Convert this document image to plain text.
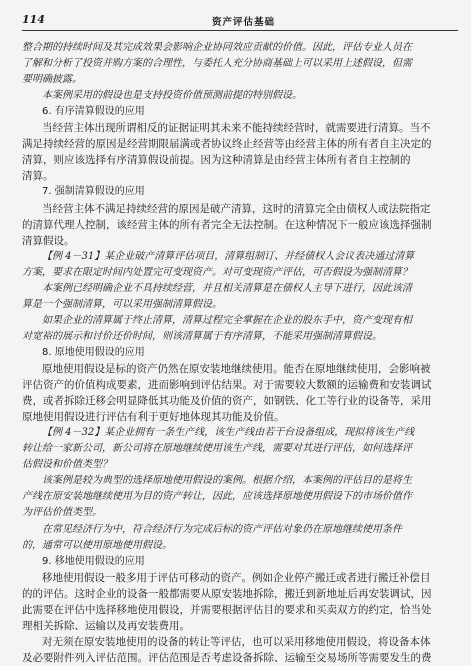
114	资产评估基础
整合期的持续时间及其完成效果会影响企业协同效应贡献的价值。因此，评估专业人员在
了解和分析了投资并购方案的合理性，与委托人充分协商基础上可以采用上述假设，但需
要明确披露。
本案例采用的假设也是支持投资价值预测前提的特别假设。
6. 有序清算假设的应用
当经营主体出现所谓相反的证据证明其未来不能持续经营时，就需要进行清算。当不
满足持续经营的原因是经营期限届满或者协议终止经营等由经营主体的所有者自主决定的
清算，则应该选择有序清算假设前提。因为这种清算是由经营主体所有者自主控制的
清算。
7. 强制清算假设的应用
当经营主体不满足持续经营的原因是破产清算，这时的清算完全由债权人或法院指定
的清算代理人控制，该经营主体的所有者完全无法控制。在这种情况下一般应该选择强制
清算假设。
【例 4－31】某企业破产清算评估项目，清算组制订、并经债权人会议表决通过清算
方案，要求在限定时间内处置完可变现资产。对可变现资产评估，可否假设为强制清算？
本案例已经明确企业不具持续经营，并且相关清算是在债权人主导下进行，因此该清
算是一个强制清算，可以采用强制清算假设。
如果企业的清算属于终止清算，清算过程完全掌握在企业的股东手中，资产变现有相
对宽裕的展示和讨价还价时间，则该清算属于有序清算，不能采用强制清算假设。
8. 原地使用假设的应用
原地使用假设是标的资产仍然在原安装地继续使用。能否在原地继续使用，会影响被
评估资产的价值构成要素，进而影响到评估结果。对于需要较大数额的运输费和安装调试
费，或者拆除迁移会明显降低其功能及价值的资产，如钢铁、化工等行业的设备等，采用
原地使用假设进行评估有利于更好地体现其功能及价值。
【例 4－32】某企业拥有一条生产线，该生产线由若干台设备组成，现拟将该生产线
转让给一家新公司，新公司将在原地继续使用该生产线，需要对其进行评估，如何选择评
估假设和价值类型？
该案例是较为典型的选择原地使用假设的案例。根据介绍，本案例的评估目的是将生
产线在原安装地继续使用为目的资产转让，因此，应该选择原地使用假设下的市场价值作
为评估价值类型。
在常见经济行为中，符合经济行为完成后标的资产评估对象仍在原地继续使用条件
的，通常可以使用原地使用假设。
9. 移地使用假设的应用
移地使用假设一般多用于评估可移动的资产。例如企业停产搬迁或者进行搬迁补偿目
的的评估。这时企业的设备一般都需要从原安装地拆除，搬迁到新地址后再安装调试，因
此需要在评估中选择移地使用假设，并需要根据评估目的要求和买卖双方的约定，恰当处
理相关拆除、运输以及再安装费用。
对无须在原安装地使用的设备的转让等评估，也可以采用移地使用假设，将设备本体
及必要附件列入评估范围。评估范围是否考虑设备拆除、运输至交易场所等需要发生的费
